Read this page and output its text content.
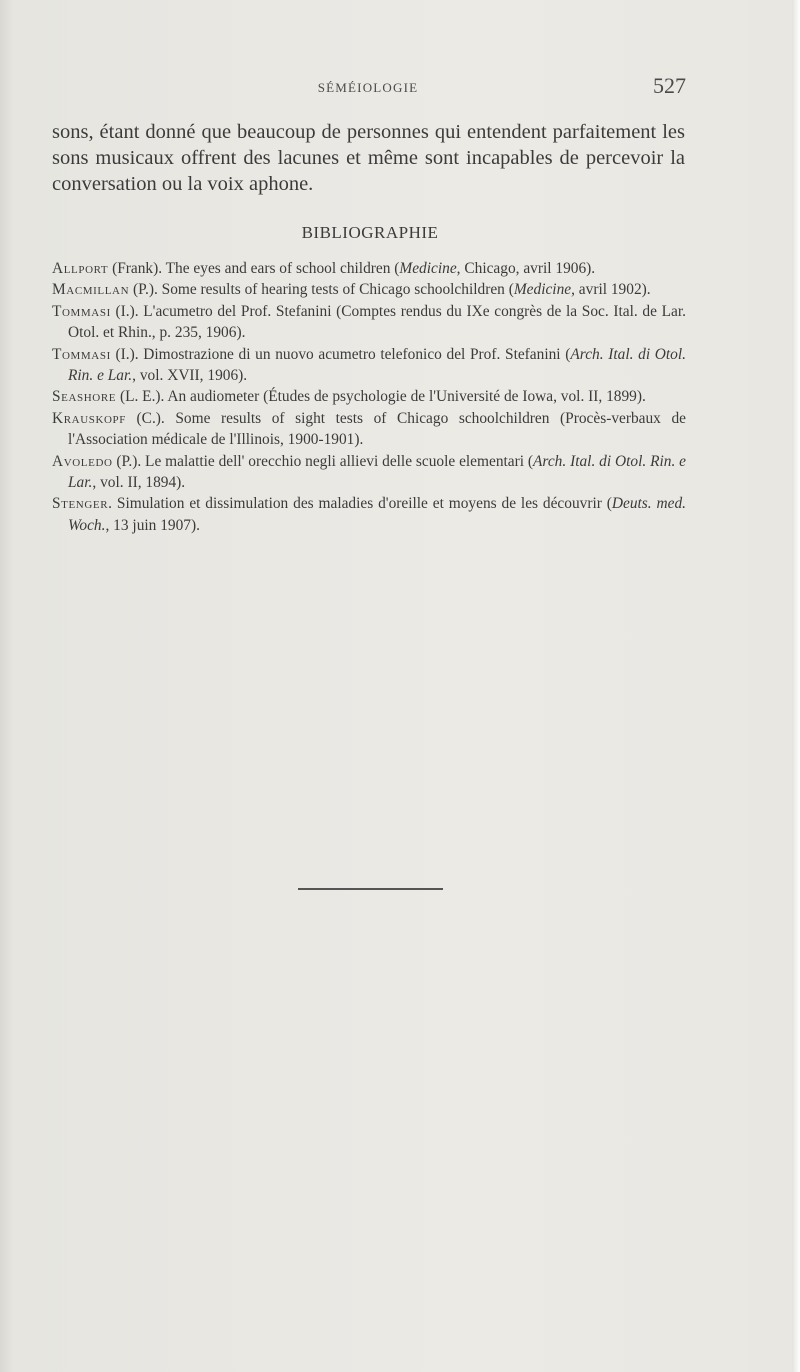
SÉMÉIOLOGIE	527

sons, étant donné que beaucoup de personnes qui entendent parfaitement les sons musicaux offrent des lacunes et même sont incapables de percevoir la conversation ou la voix aphone.

BIBLIOGRAPHIE

Allport (Frank). The eyes and ears of school children (Medicine, Chicago, avril 1906).

Macmillan (P.). Some results of hearing tests of Chicago schoolchildren (Medicine, avril 1902).

Tommasi (I.). L'acumetro del Prof. Stefanini (Comptes rendus du IXe congrès de la Soc. Ital. de Lar. Otol. et Rhin., p. 235, 1906).

Tommasi (I.). Dimostrazione di un nuovo acumetro telefonico del Prof. Stefanini (Arch. Ital. di Otol. Rin. e Lar., vol. XVII, 1906).

Seashore (L. E.). An audiometer (Études de psychologie de l'Université de Iowa, vol. II, 1899).

Krauskopf (C.). Some results of sight tests of Chicago schoolchildren (Procès-verbaux de l'Association médicale de l'Illinois, 1900-1901).

Avoledo (P.). Le malattie dell' orecchio negli allievi delle scuole elementari (Arch. Ital. di Otol. Rin. e Lar., vol. II, 1894).

Stenger. Simulation et dissimulation des maladies d'oreille et moyens de les découvrir (Deuts. med. Woch., 13 juin 1907).
